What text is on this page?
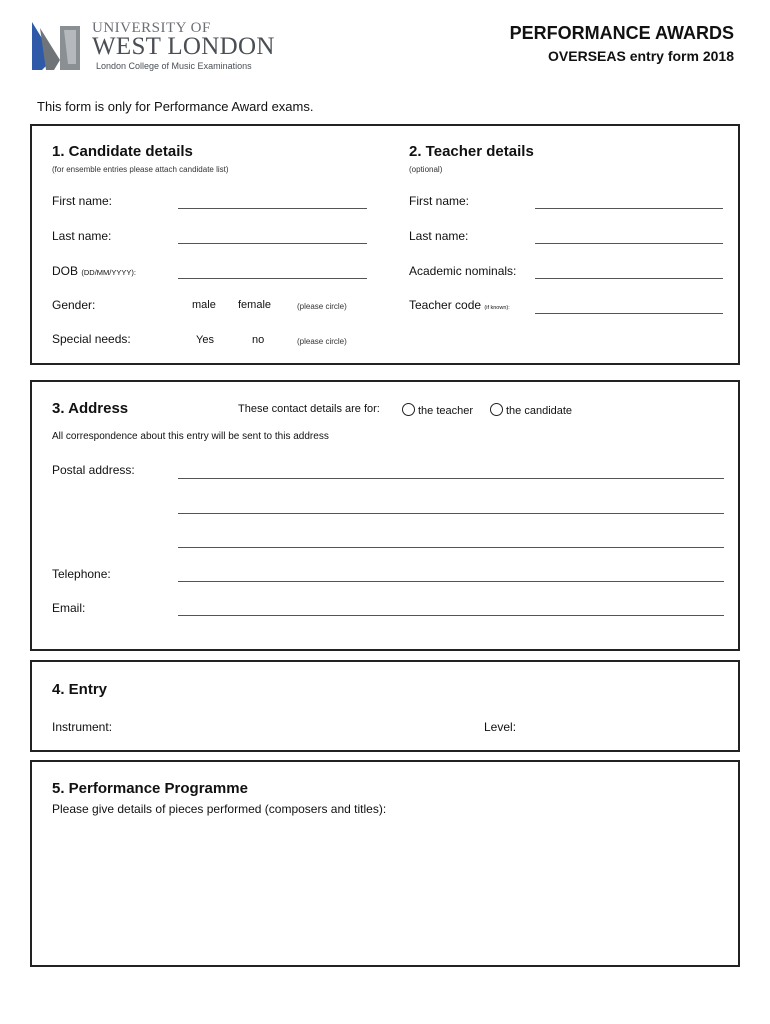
UNIVERSITY OF
WEST LONDON
London College of Music Examinations
PERFORMANCE AWARDS
OVERSEAS entry form 2018
This form is only for Performance Award exams.
1. Candidate details
(for ensemble entries please attach candidate list)
First name:
Last name:
DOB (DD/MM/YYYY):
Gender:	male female	(please circle)
Special needs:	Yes	no	(please circle)
2. Teacher details
(optional)
First name:
Last name:
Academic nominals:
Teacher code (if known):
3. Address	These contact details are for:	the teacher	the candidate
All correspondence about this entry will be sent to this address
Postal address:
Telephone:
Email:
4. Entry
Instrument:	Level:
5. Performance Programme
Please give details of pieces performed (composers and titles):
